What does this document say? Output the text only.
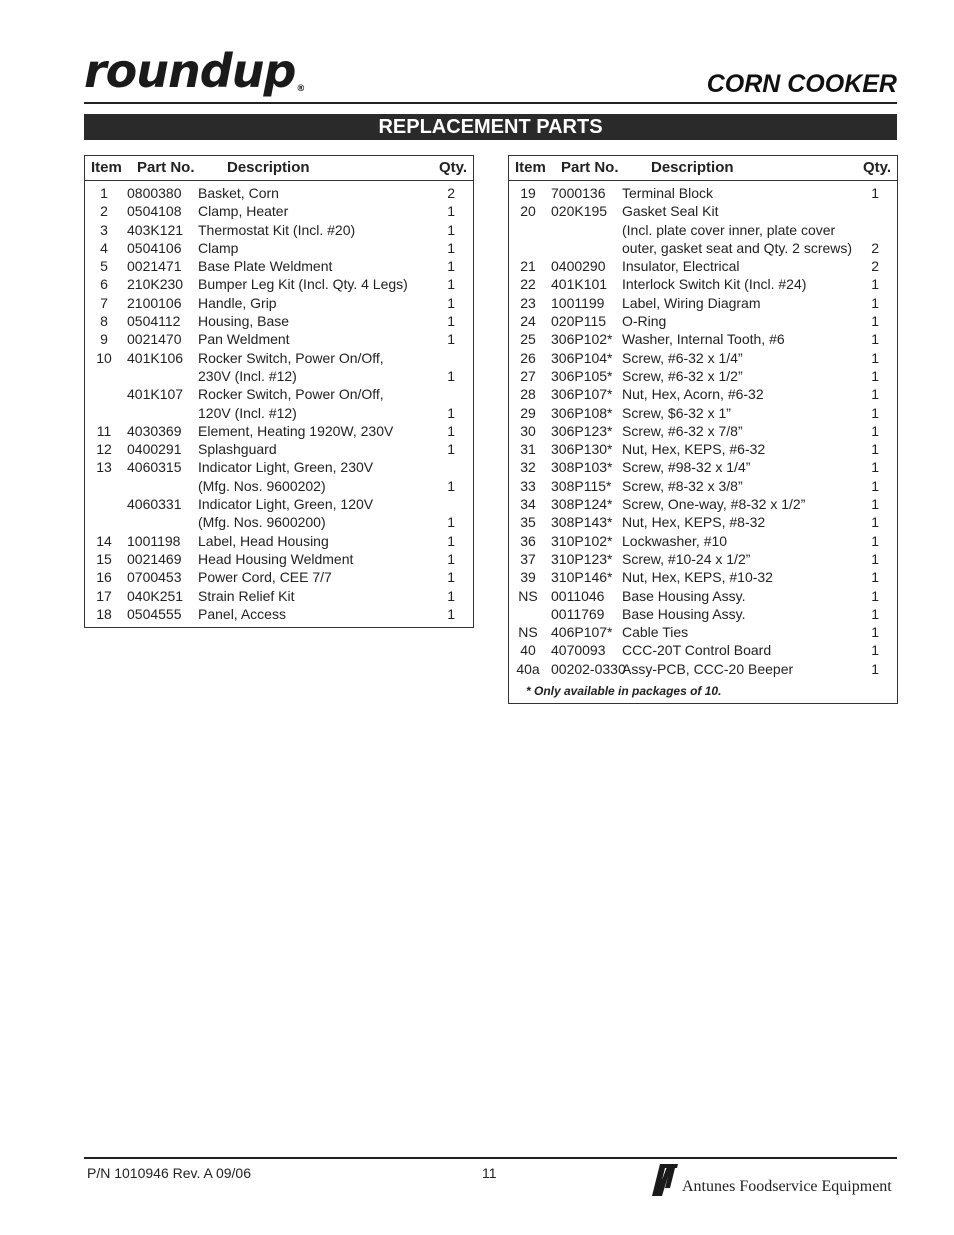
roundup®	CORN COOKER
REPLACEMENT PARTS
Item Part No. Description	Qty.
1	0800380 Basket, Corn	2
2	0504108 Clamp, Heater	1
3	403K121 Thermostat Kit (Incl. #20)	1
4	0504106 Clamp	1
5	0021471 Base Plate Weldment	1
6	210K230 Bumper Leg Kit (Incl. Qty. 4 Legs)	1
7	2100106 Handle, Grip	1
8	0504112 Housing, Base	1
9	0021470 Pan Weldment	1
10	401K106 Rocker Switch, Power On/Off,
230V (Incl. #12)	1
401K107 Rocker Switch, Power On/Off,
120V (Incl. #12)	1
11	4030369 Element, Heating 1920W, 230V	1
12	0400291 Splashguard	1
13	4060315 Indicator Light, Green, 230V
(Mfg. Nos. 9600202)	1
4060331 Indicator Light, Green, 120V
(Mfg. Nos. 9600200)	1
14	1001198 Label, Head Housing	1
15	0021469 Head Housing Weldment	1
16	0700453 Power Cord, CEE 7/7	1
17	040K251 Strain Relief Kit	1
18	0504555 Panel, Access	1
Item Part No. Description	Qty.
19	7000136 Terminal Block	1
20	020K195 Gasket Seal Kit
(Incl. plate cover inner, plate cover
outer, gasket seat and Qty. 2 screws)	2
21	0400290 Insulator, Electrical	2
22	401K101 Interlock Switch Kit (Incl. #24)	1
23	1001199 Label, Wiring Diagram	1
24	020P115 O-Ring	1
25	306P102* Washer, Internal Tooth, #6	1
26	306P104* Screw, #6-32 x 1/4”	1
27	306P105* Screw, #6-32 x 1/2”	1
28	306P107* Nut, Hex, Acorn, #6-32	1
29	306P108* Screw, $6-32 x 1”	1
30	306P123* Screw, #6-32 x 7/8”	1
31	306P130* Nut, Hex, KEPS, #6-32	1
32	308P103* Screw, #98-32 x 1/4”	1
33	308P115* Screw, #8-32 x 3/8”	1
34	308P124* Screw, One-way, #8-32 x 1/2”	1
35	308P143* Nut, Hex, KEPS, #8-32	1
36	310P102* Lockwasher, #10	1
37	310P123* Screw, #10-24 x 1/2”	1
39	310P146* Nut, Hex, KEPS, #10-32	1
NS 0011046 Base Housing Assy.	1
0011769 Base Housing Assy.	1
NS 406P107* Cable Ties	1
40	4070093 CCC-20T Control Board	1
40a 00202-0330
Assy-PCB, CCC-20 Beeper	1
* Only available in packages of 10.
P/N 1010946 Rev. A 09/06	11
Antunes Foodservice Equipment
